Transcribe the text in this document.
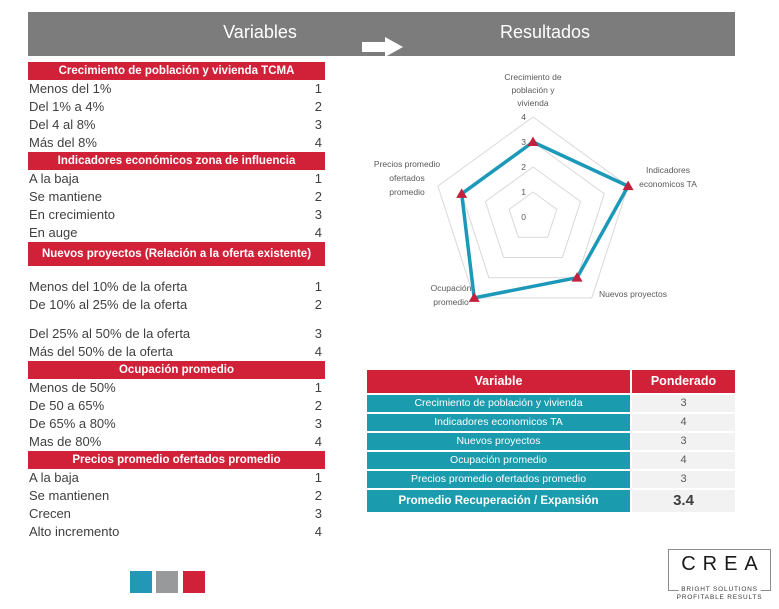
Variables	Resultados
Crecimiento de población y vivienda TCMA
Menos del 1%	1
Del 1% a 4%	2
Del 4 al 8%	3
Más del 8%	4
Indicadores económicos zona de influencia
A la baja	1
Se mantiene	2
En crecimiento	3
En auge	4
Nuevos proyectos (Relación a la oferta existente)
Menos del 10% de la oferta	1
De 10% al 25% de la oferta	2
Del 25% al 50% de la oferta	3
Más del 50% de la oferta	4
Ocupación promedio
Menos de 50%	1
De 50 a 65%	2
De 65% a 80%	3
Mas de 80%	4
Precios promedio ofertados promedio
A la baja	1
Se mantienen	2
Crecen	3
Alto incremento	4
0
1
2
3
4
Crecimiento de
población y
vivienda
Indicadores
economicos TA
Nuevos proyectos
Ocupación
promedio
Precios promedio
ofertados
promedio
Variable	Ponderado
Crecimiento de población y vivienda	3
Indicadores economicos TA	4
Nuevos proyectos	3
Ocupación promedio	4
Precios promedio ofertados promedio	3
Promedio Recuperación / Expansión	3.4
CREA
BRIGHT SOLUTIONS
PROFITABLE RESULTS
